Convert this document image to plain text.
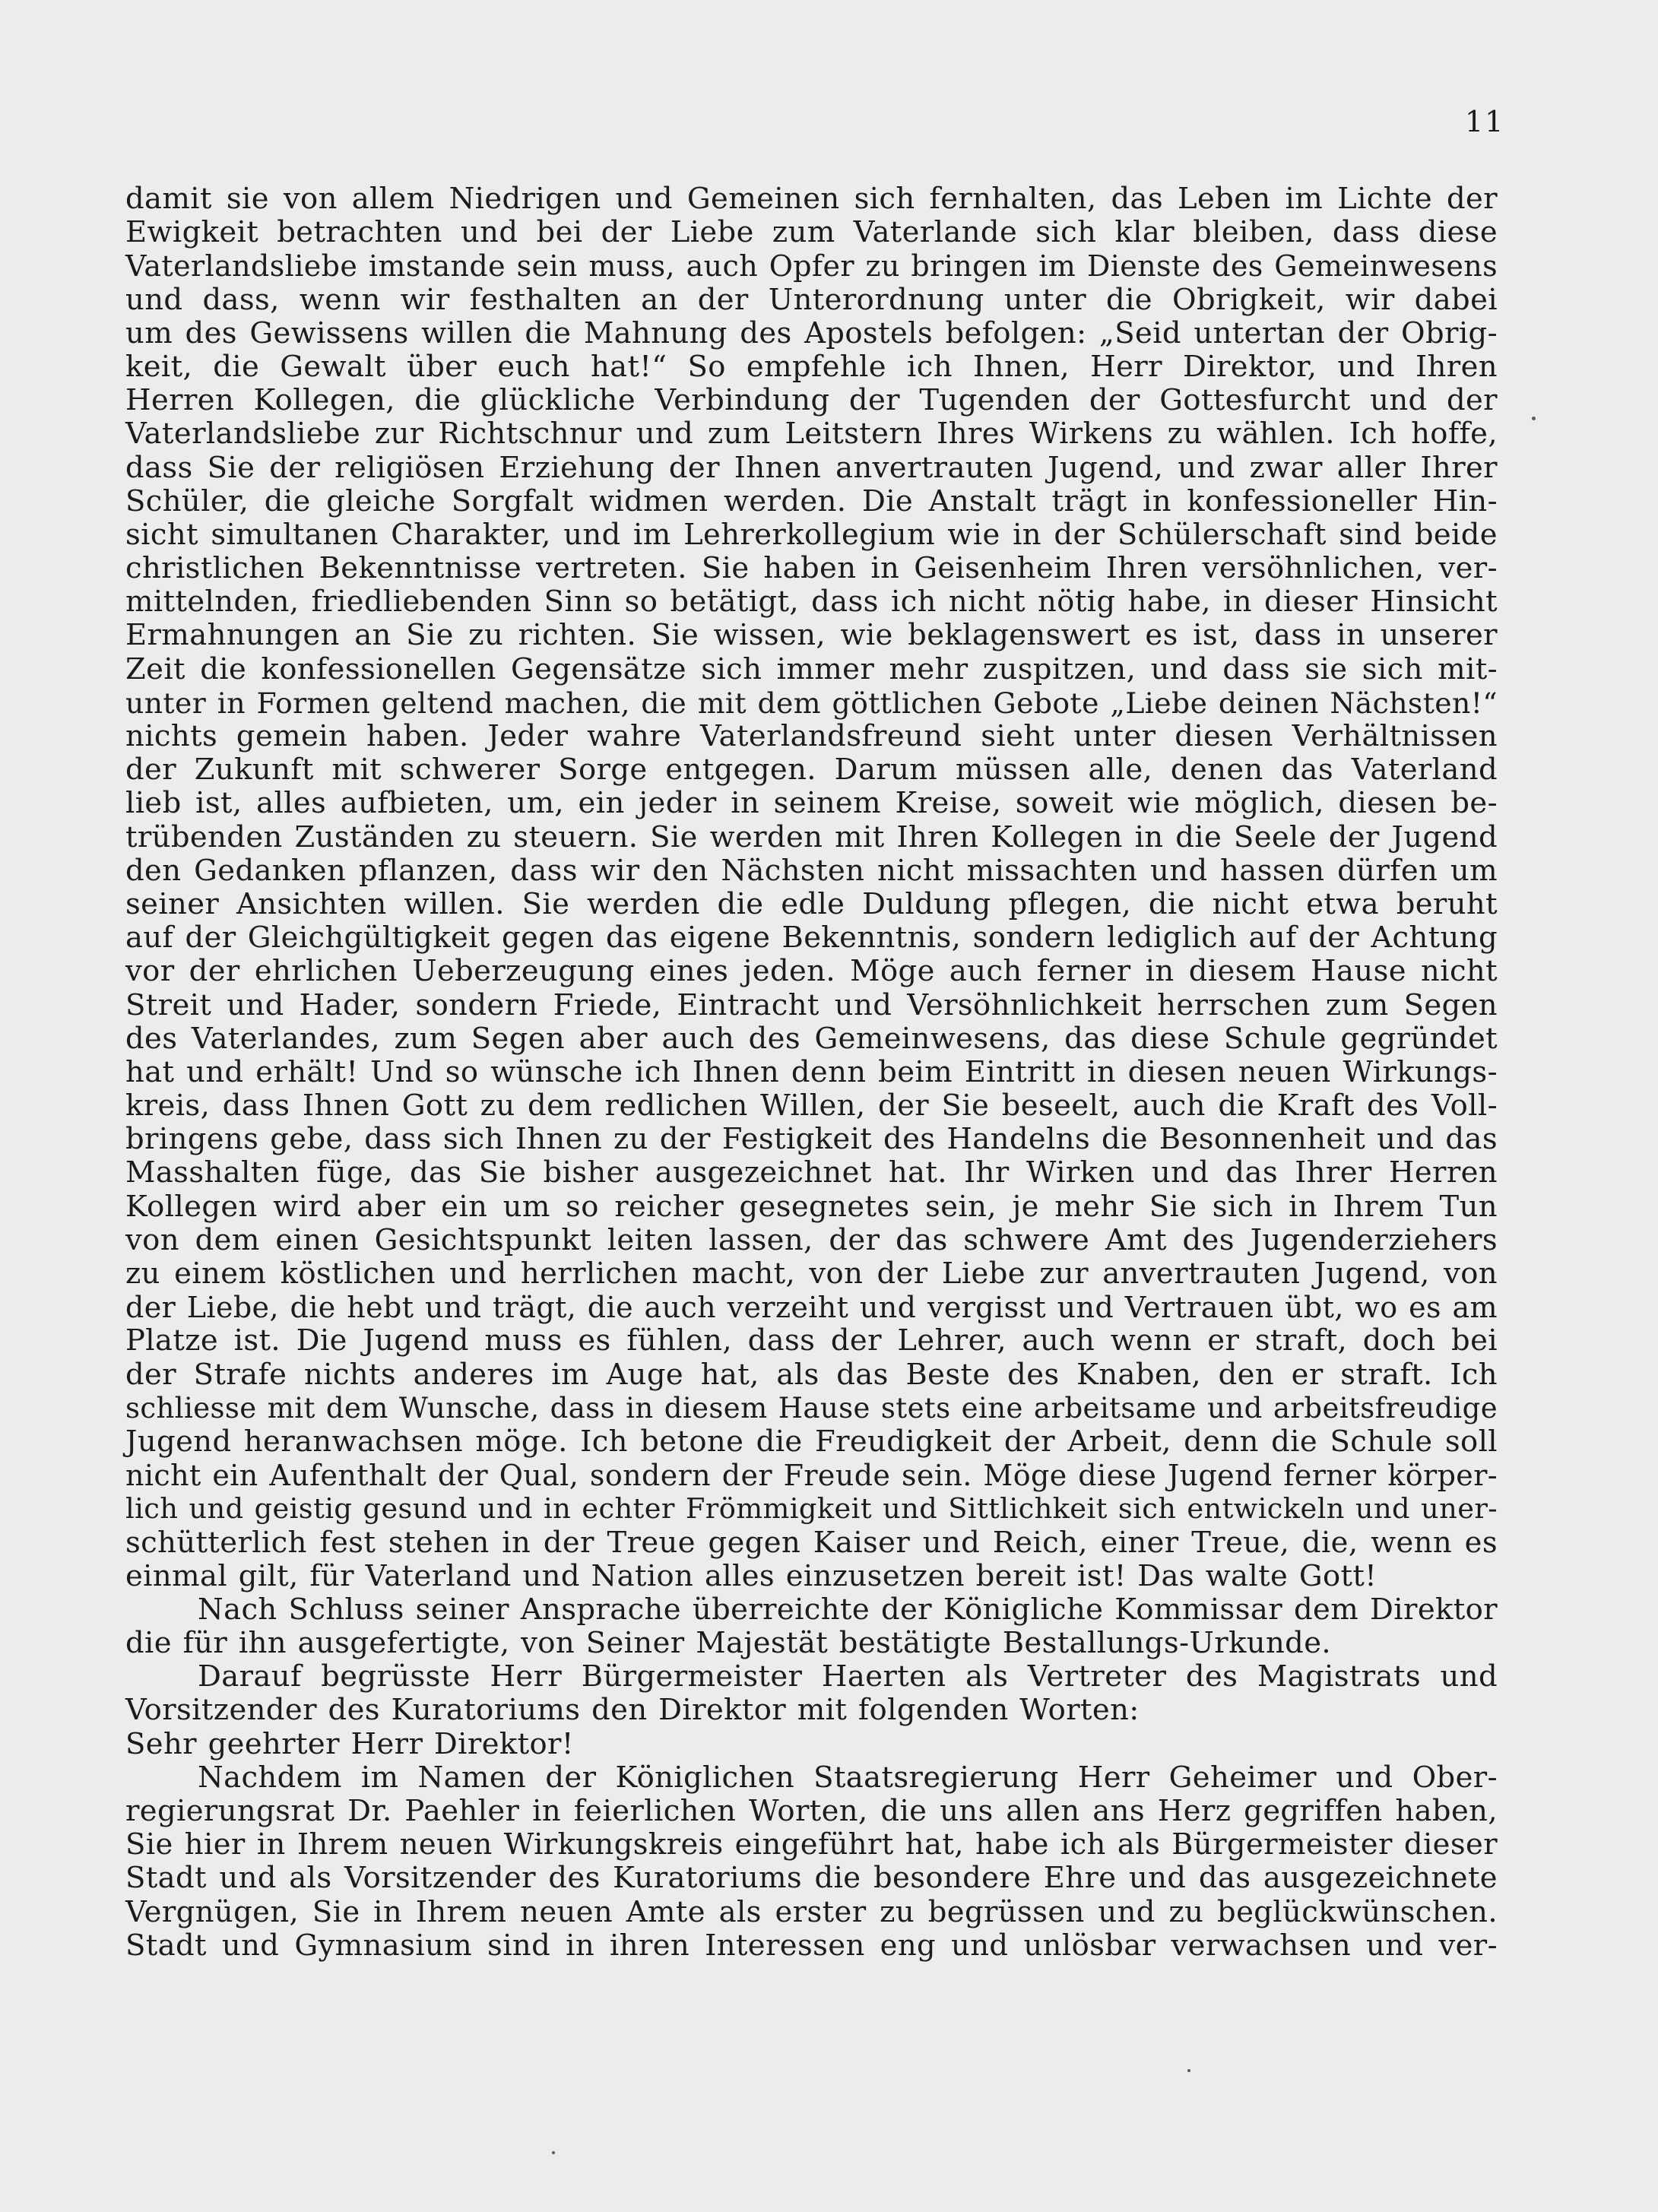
11
damit sie von allem Niedrigen und Gemeinen sich fernhalten, das Leben im Lichte der
Ewigkeit betrachten und bei der Liebe zum Vaterlande sich klar bleiben, dass diese
Vaterlandsliebe imstande sein muss, auch Opfer zu bringen im Dienste des Gemeinwesens
und dass, wenn wir festhalten an der Unterordnung unter die Obrigkeit, wir dabei
um des Gewissens willen die Mahnung des Apostels befolgen: „Seid untertan der Obrig-
keit, die Gewalt über euch hat!“ So empfehle ich Ihnen, Herr Direktor, und Ihren
Herren Kollegen, die glückliche Verbindung der Tugenden der Gottesfurcht und der
Vaterlandsliebe zur Richtschnur und zum Leitstern Ihres Wirkens zu wählen. Ich hoffe,
dass Sie der religiösen Erziehung der Ihnen anvertrauten Jugend, und zwar aller Ihrer
Schüler, die gleiche Sorgfalt widmen werden. Die Anstalt trägt in konfessioneller Hin-
sicht simultanen Charakter, und im Lehrerkollegium wie in der Schülerschaft sind beide
christlichen Bekenntnisse vertreten. Sie haben in Geisenheim Ihren versöhnlichen, ver-
mittelnden, friedliebenden Sinn so betätigt, dass ich nicht nötig habe, in dieser Hinsicht
Ermahnungen an Sie zu richten. Sie wissen, wie beklagenswert es ist, dass in unserer
Zeit die konfessionellen Gegensätze sich immer mehr zuspitzen, und dass sie sich mit-
unter in Formen geltend machen, die mit dem göttlichen Gebote „Liebe deinen Nächsten!“
nichts gemein haben. Jeder wahre Vaterlandsfreund sieht unter diesen Verhältnissen
der Zukunft mit schwerer Sorge entgegen. Darum müssen alle, denen das Vaterland
lieb ist, alles aufbieten, um, ein jeder in seinem Kreise, soweit wie möglich, diesen be-
trübenden Zuständen zu steuern. Sie werden mit Ihren Kollegen in die Seele der Jugend
den Gedanken pflanzen, dass wir den Nächsten nicht missachten und hassen dürfen um
seiner Ansichten willen. Sie werden die edle Duldung pflegen, die nicht etwa beruht
auf der Gleichgültigkeit gegen das eigene Bekenntnis, sondern lediglich auf der Achtung
vor der ehrlichen Ueberzeugung eines jeden. Möge auch ferner in diesem Hause nicht
Streit und Hader, sondern Friede, Eintracht und Versöhnlichkeit herrschen zum Segen
des Vaterlandes, zum Segen aber auch des Gemeinwesens, das diese Schule gegründet
hat und erhält! Und so wünsche ich Ihnen denn beim Eintritt in diesen neuen Wirkungs-
kreis, dass Ihnen Gott zu dem redlichen Willen, der Sie beseelt, auch die Kraft des Voll-
bringens gebe, dass sich Ihnen zu der Festigkeit des Handelns die Besonnenheit und das
Masshalten füge, das Sie bisher ausgezeichnet hat. Ihr Wirken und das Ihrer Herren
Kollegen wird aber ein um so reicher gesegnetes sein, je mehr Sie sich in Ihrem Tun
von dem einen Gesichtspunkt leiten lassen, der das schwere Amt des Jugenderziehers
zu einem köstlichen und herrlichen macht, von der Liebe zur anvertrauten Jugend, von
der Liebe, die hebt und trägt, die auch verzeiht und vergisst und Vertrauen übt, wo es am
Platze ist. Die Jugend muss es fühlen, dass der Lehrer, auch wenn er straft, doch bei
der Strafe nichts anderes im Auge hat, als das Beste des Knaben, den er straft. Ich
schliesse mit dem Wunsche, dass in diesem Hause stets eine arbeitsame und arbeitsfreudige
Jugend heranwachsen möge. Ich betone die Freudigkeit der Arbeit, denn die Schule soll
nicht ein Aufenthalt der Qual, sondern der Freude sein. Möge diese Jugend ferner körper-
lich und geistig gesund und in echter Frömmigkeit und Sittlichkeit sich entwickeln und uner-
schütterlich fest stehen in der Treue gegen Kaiser und Reich, einer Treue, die, wenn es
einmal gilt, für Vaterland und Nation alles einzusetzen bereit ist! Das walte Gott!
Nach Schluss seiner Ansprache überreichte der Königliche Kommissar dem Direktor
die für ihn ausgefertigte, von Seiner Majestät bestätigte Bestallungs-Urkunde.
Darauf begrüsste Herr Bürgermeister Haerten als Vertreter des Magistrats und
Vorsitzender des Kuratoriums den Direktor mit folgenden Worten:
Sehr geehrter Herr Direktor!
Nachdem im Namen der Königlichen Staatsregierung Herr Geheimer und Ober-
regierungsrat Dr. Paehler in feierlichen Worten, die uns allen ans Herz gegriffen haben,
Sie hier in Ihrem neuen Wirkungskreis eingeführt hat, habe ich als Bürgermeister dieser
Stadt und als Vorsitzender des Kuratoriums die besondere Ehre und das ausgezeichnete
Vergnügen, Sie in Ihrem neuen Amte als erster zu begrüssen und zu beglückwünschen.
Stadt und Gymnasium sind in ihren Interessen eng und unlösbar verwachsen und ver-
